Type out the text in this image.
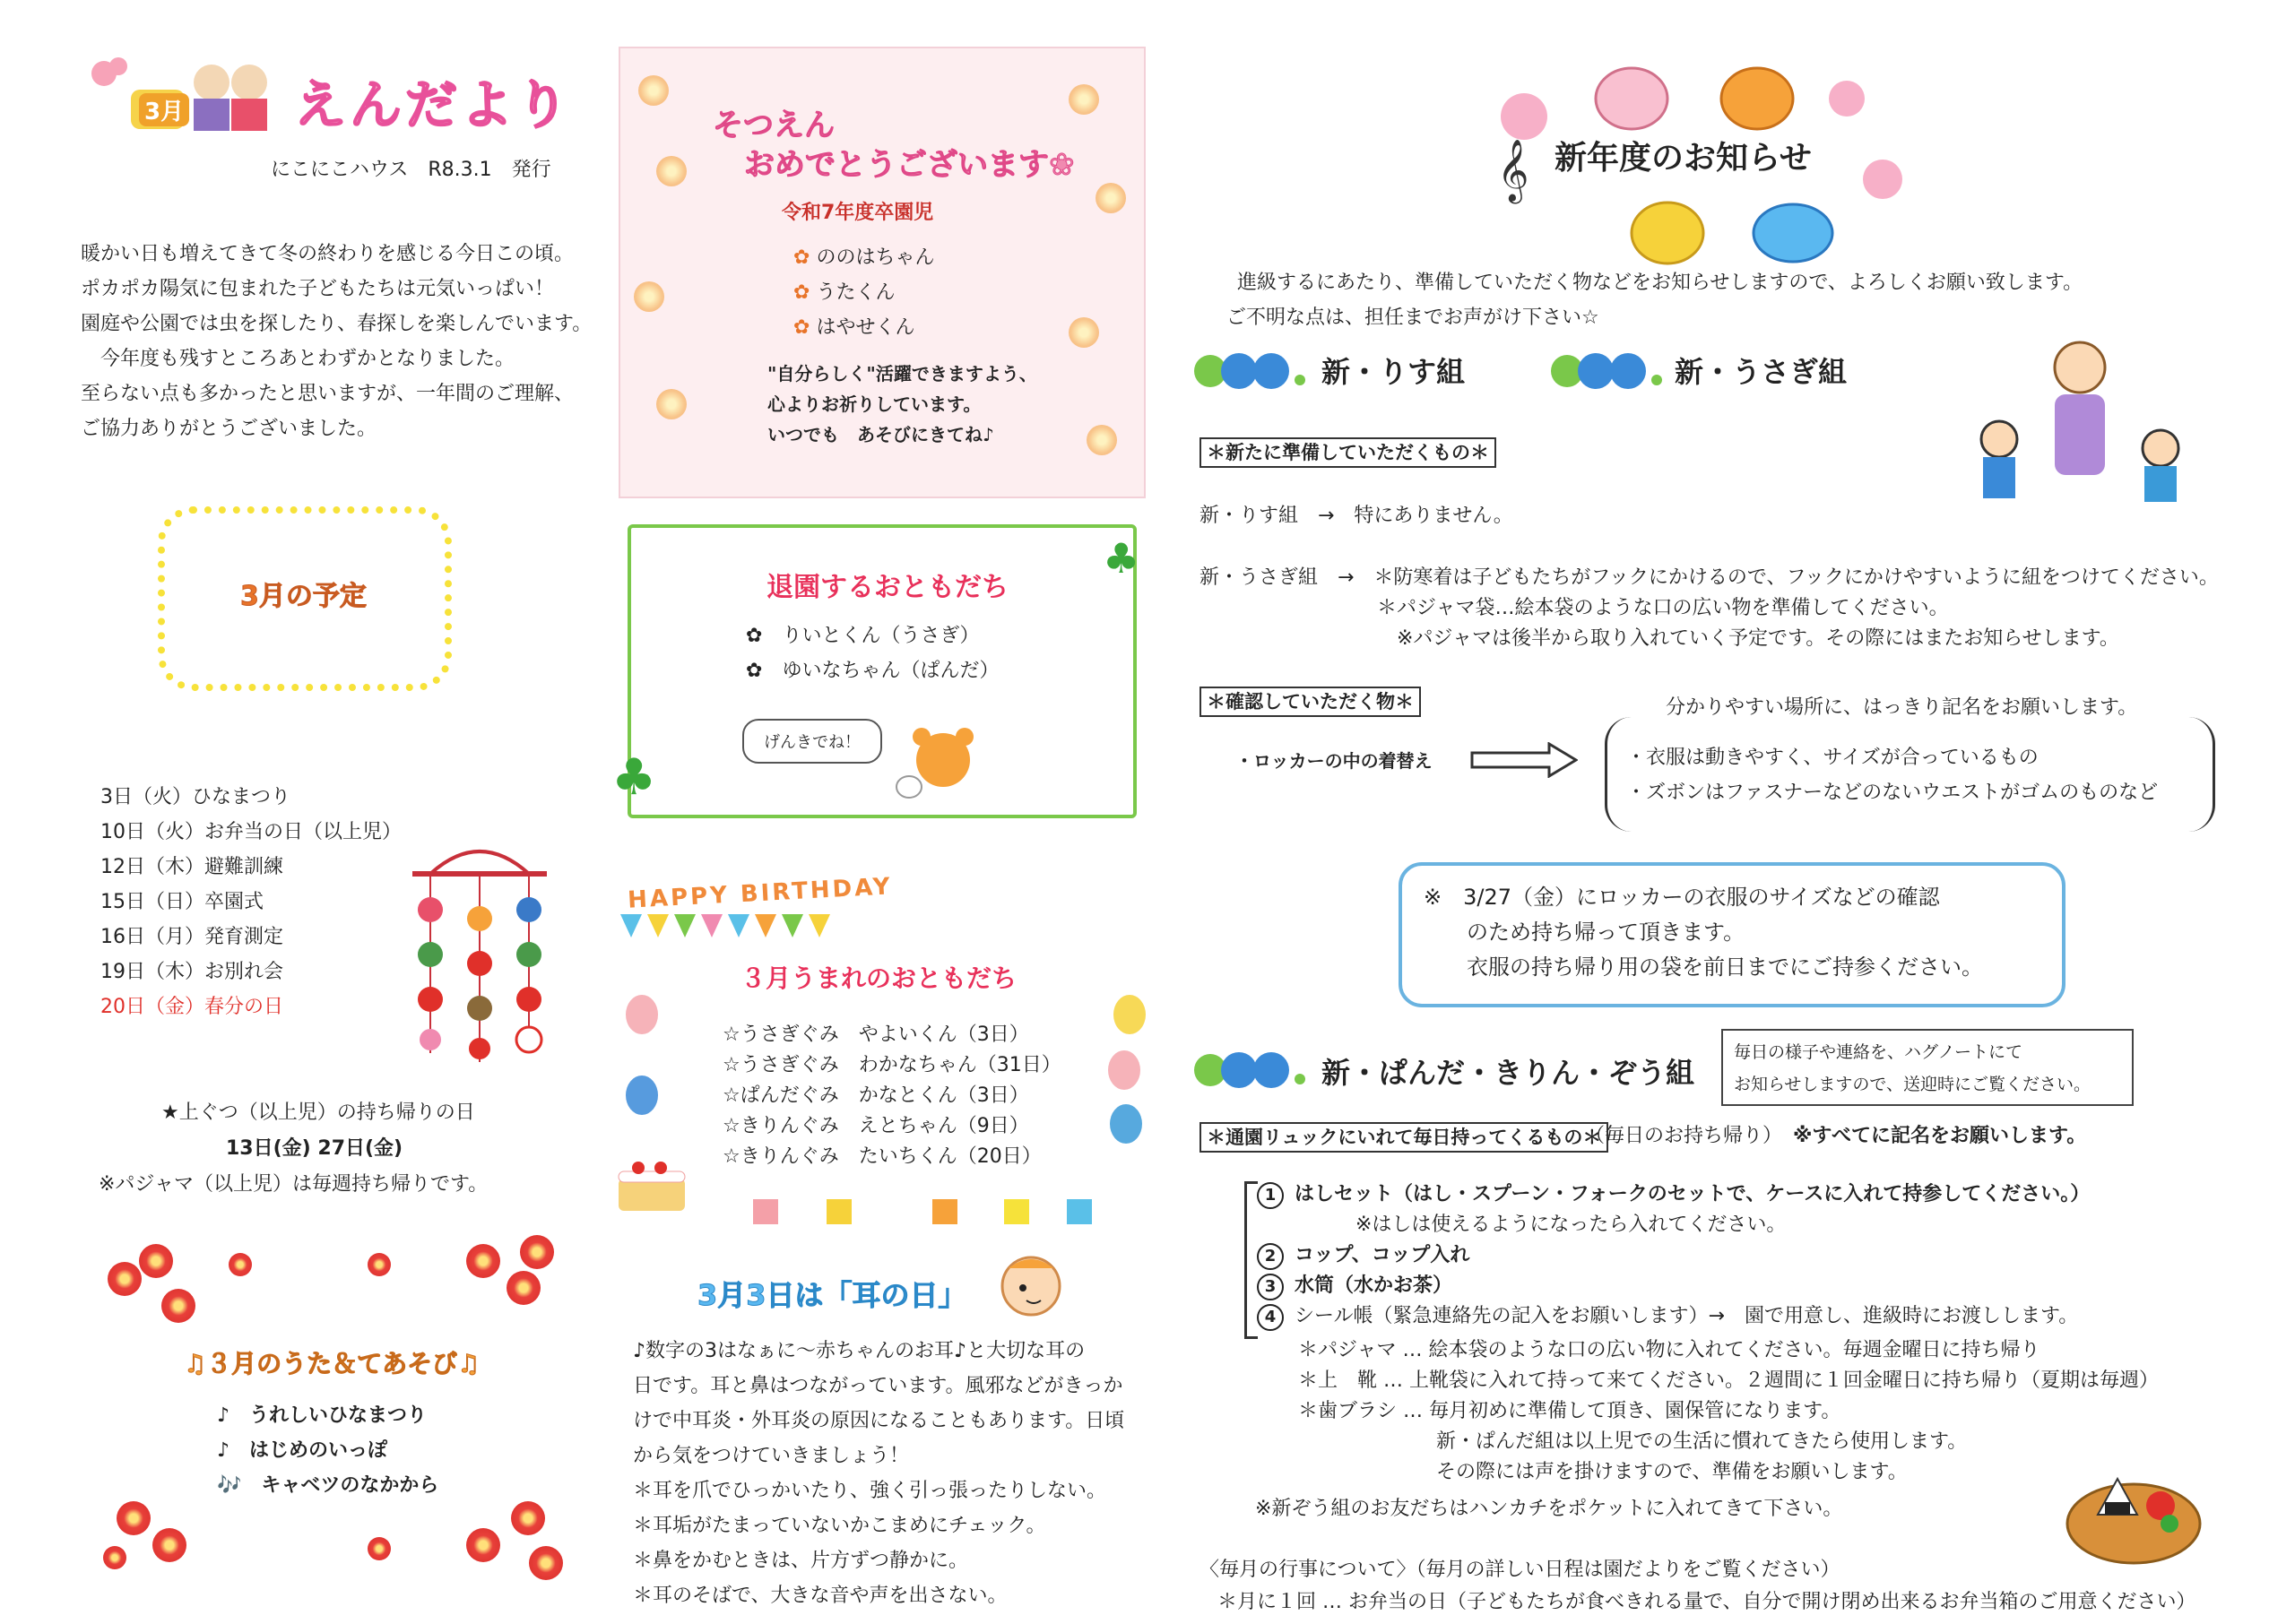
3月 えんだより
にこにこハウス　R8.3.1　発行
暖かい日も増えてきて冬の終わりを感じる今日この頃。
ポカポカ陽気に包まれた子どもたちは元気いっぱい！
園庭や公園では虫を探したり、春探しを楽しんでいます。
　今年度も残すところあとわずかとなりました。
至らない点も多かったと思いますが、一年間のご理解、
ご協力ありがとうございました。
3月の予定
3日（火）ひなまつり
10日（火）お弁当の日（以上児）
12日（木）避難訓練
15日（日）卒園式
16日（月）発育測定
19日（木）お別れ会
20日（金）春分の日
★上ぐつ（以上児）の持ち帰りの日
13日(金) 27日(金)
※パジャマ（以上児）は毎週持ち帰りです。
♫３月のうた＆てあそび♫
♪　うれしいひなまつり
♪　はじめのいっぽ
🎶　キャベツのなかから
そつえん
おめでとうございます❀
令和7年度卒園児
✿ ののはちゃん
✿ うたくん
✿ はやせくん
"自分らしく"活躍できますよう、
心よりお祈りしています。
いつでも　あそびにきてね♪
♣
♣
退園するおともだち
✿　りいとくん（うさぎ）
✿　ゆいなちゃん（ぱんだ）
げんきでね！
HAPPY BIRTHDAY
３月うまれのおともだち
☆うさぎぐみ　やよいくん（3日）
☆うさぎぐみ　わかなちゃん（31日）
☆ぱんだぐみ　かなとくん（3日）
☆きりんぐみ　えとちゃん（9日）
☆きりんぐみ　たいちくん（20日）
3月3日は「耳の日」
♪数字の3はなぁに～赤ちゃんのお耳♪と大切な耳の
日です。耳と鼻はつながっています。風邪などがきっか
けで中耳炎・外耳炎の原因になることもあります。日頃
から気をつけていきましょう！
＊耳を爪でひっかいたり、強く引っ張ったりしない。
＊耳垢がたまっていないかこまめにチェック。
＊鼻をかむときは、片方ずつ静かに。
＊耳のそばで、大きな音や声を出さない。
𝄞 新年度のお知らせ
進級するにあたり、準備していただく物などをお知らせしますので、よろしくお願い致します。
ご不明な点は、担任までお声がけ下さい☆
新・りす組	新・うさぎ組
＊新たに準備していただくもの＊
新・りす組　→　特にありません。
新・うさぎ組　→　＊防寒着は子どもたちがフックにかけるので、フックにかけやすいように紐をつけてください。
　　　　　　　　　＊パジャマ袋…絵本袋のような口の広い物を準備してください。
　　　　　　　　　　※パジャマは後半から取り入れていく予定です。その際にはまたお知らせします。
＊確認していただく物＊
・ロッカーの中の着替え
分かりやすい場所に、はっきり記名をお願いします。
・衣服は動きやすく、サイズが合っているもの
・ズボンはファスナーなどのないウエストがゴムのものなど
※　3/27（金）にロッカーの衣服のサイズなどの確認
　　のため持ち帰って頂きます。
　　衣服の持ち帰り用の袋を前日までにご持参ください。
新・ぱんだ・きりん・ぞう組
毎日の様子や連絡を、ハグノートにて
お知らせしますので、送迎時にご覧ください。
＊通園リュックにいれて毎日持ってくるもの＊
（毎日のお持ち帰り） ※すべてに記名をお願いします。
1 はしセット（はし・スプーン・フォークのセットで、ケースに入れて持参してください。）
　　　　　※はしは使えるようになったら入れてください。
2 コップ、コップ入れ
3 水筒（水かお茶）
4 シール帳（緊急連絡先の記入をお願いします）→　園で用意し、進級時にお渡しします。
＊パジャマ … 絵本袋のような口の広い物に入れてください。毎週金曜日に持ち帰り
＊上　靴 … 上靴袋に入れて持って来てください。２週間に１回金曜日に持ち帰り（夏期は毎週）
＊歯ブラシ … 毎月初めに準備して頂き、園保管になります。
　　　　　　　新・ぱんだ組は以上児での生活に慣れてきたら使用します。
　　　　　　　その際には声を掛けますので、準備をお願いします。
※新ぞう組のお友だちはハンカチをポケットに入れてきて下さい。
〈毎月の行事について〉（毎月の詳しい日程は園だよりをご覧ください）
＊月に１回 … お弁当の日（子どもたちが食べきれる量で、自分で開け閉め出来るお弁当箱のご用意ください）
